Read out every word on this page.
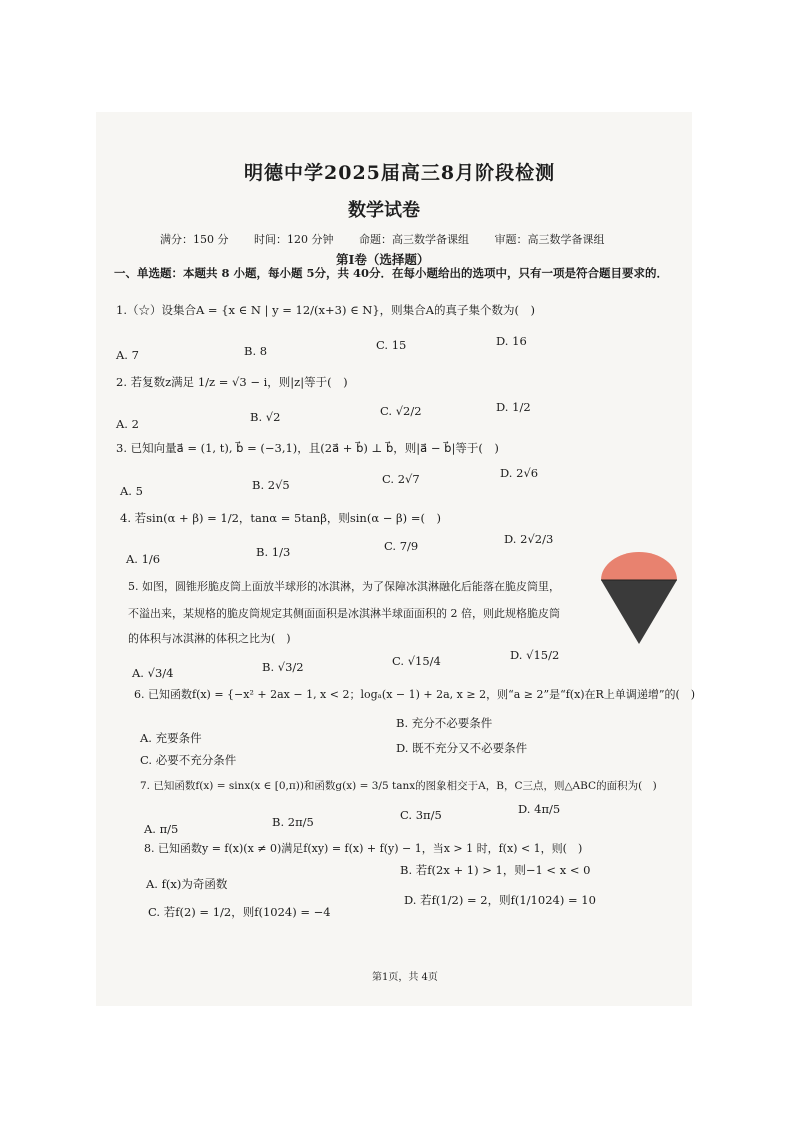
明德中学2025届高三8月阶段检测
数学试卷
满分：150 分 时间：120 分钟 命题：高三数学备课组 审题：高三数学备课组
第Ⅰ卷（选择题）
一、单选题：本题共 8 小题，每小题 5分，共 40分．在每小题给出的选项中，只有一项是符合题目要求的．
1.（☆）设集合A = {x ∈ N | y = 12/(x+3) ∈ N}，则集合A的真子集个数为(　)
A. 7	B. 8	C. 15	D. 16
2. 若复数z满足 1/z = √3 − i，则|z|等于(　)
A. 2	B. √2	C. √2/2	D. 1/2
3. 已知向量a⃗ = (1, t), b⃗ = (−3,1)，且(2a⃗ + b⃗) ⊥ b⃗，则|a⃗ − b⃗|等于(　)
A. 5	B. 2√5	C. 2√7	D. 2√6
4. 若sin(α + β) = 1/2，tanα = 5tanβ，则sin(α − β) =(　)
A. 1/6	B. 1/3	C. 7/9	D. 2√2/3
5. 如图，圆锥形脆皮筒上面放半球形的冰淇淋，为了保障冰淇淋融化后能落在脆皮筒里，
不溢出来，某规格的脆皮筒规定其侧面面积是冰淇淋半球面面积的 2 倍，则此规格脆皮筒
的体积与冰淇淋的体积之比为(　)
A. √3/4	B. √3/2	C. √15/4	D. √15/2
6. 已知函数f(x) = {−x² + 2ax − 1, x < 2；logₐ(x − 1) + 2a, x ≥ 2，则“a ≥ 2”是“f(x)在R上单调递增”的(　)
A. 充要条件
B. 充分不必要条件
C. 必要不充分条件
D. 既不充分又不必要条件
7. 已知函数f(x) = sinx(x ∈ [0,π))和函数g(x) = 3/5 tanx的图象相交于A，B，C三点，则△ABC的面积为(　)
A. π/5	B. 2π/5	C. 3π/5	D. 4π/5
8. 已知函数y = f(x)(x ≠ 0)满足f(xy) = f(x) + f(y) − 1，当x > 1 时，f(x) < 1，则(　)
A. f(x)为奇函数
B. 若f(2x + 1) > 1，则−1 < x < 0
C. 若f(2) = 1/2，则f(1024) = −4
D. 若f(1/2) = 2，则f(1/1024) = 10
第1页，共 4页
